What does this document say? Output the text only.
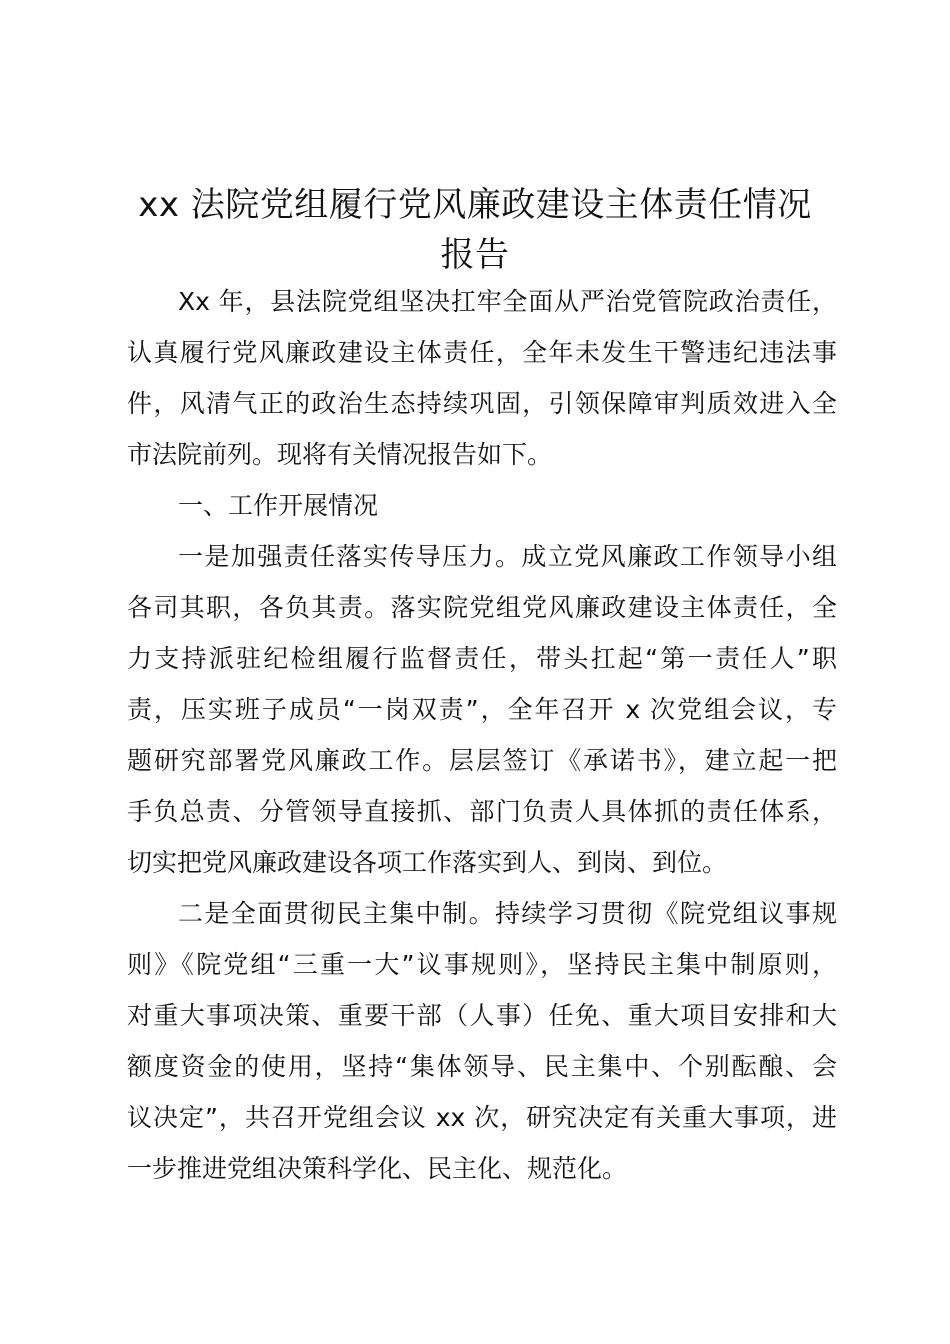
xx 法院党组履行党风廉政建设主体责任情况
报告

Xx 年，县法院党组坚决扛牢全面从严治党管院政治责任，

认真履行党风廉政建设主体责任，全年未发生干警违纪违法事

件，风清气正的政治生态持续巩固，引领保障审判质效进入全

市法院前列。现将有关情况报告如下。

一、工作开展情况

一是加强责任落实传导压力。成立党风廉政工作领导小组

各司其职，各负其责。落实院党组党风廉政建设主体责任，全

力支持派驻纪检组履行监督责任，带头扛起“第一责任人”职

责，压实班子成员“一岗双责”，全年召开 x 次党组会议，专

题研究部署党风廉政工作。层层签订《承诺书》，建立起一把

手负总责、分管领导直接抓、部门负责人具体抓的责任体系，

切实把党风廉政建设各项工作落实到人、到岗、到位。

二是全面贯彻民主集中制。持续学习贯彻《院党组议事规

则》《院党组“三重一大”议事规则》，坚持民主集中制原则，

对重大事项决策、重要干部（人事）任免、重大项目安排和大

额度资金的使用，坚持“集体领导、民主集中、个别酝酿、会

议决定”，共召开党组会议 xx 次，研究决定有关重大事项，进

一步推进党组决策科学化、民主化、规范化。
